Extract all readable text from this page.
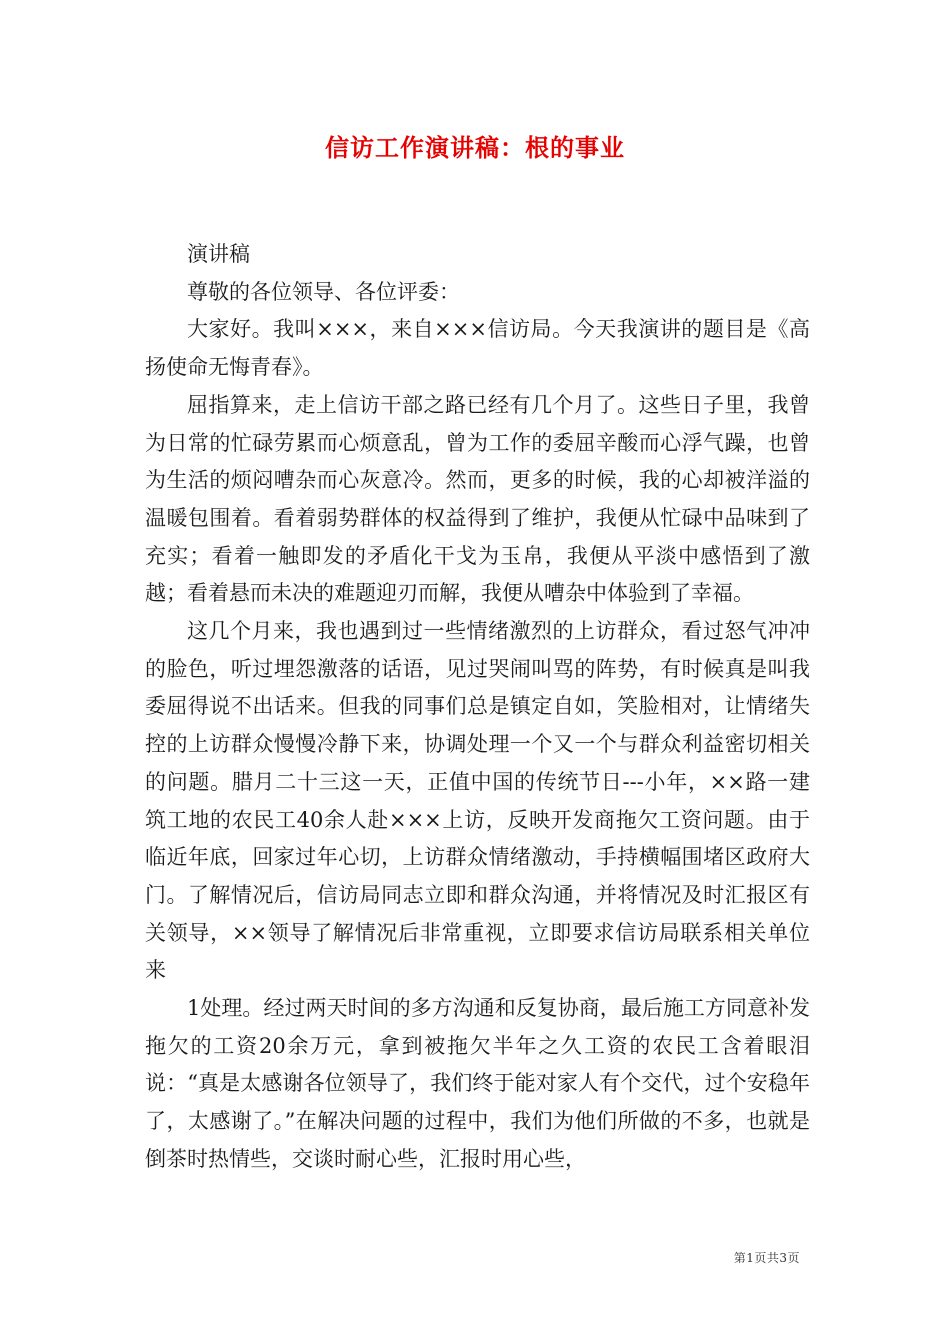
信访工作演讲稿：根的事业

演讲稿

尊敬的各位领导、各位评委：

大家好。我叫×××，来自×××信访局。今天我演讲的题目是《高扬使命无悔青春》。

屈指算来，走上信访干部之路已经有几个月了。这些日子里，我曾为日常的忙碌劳累而心烦意乱，曾为工作的委屈辛酸而心浮气躁，也曾为生活的烦闷嘈杂而心灰意冷。然而，更多的时候，我的心却被洋溢的温暖包围着。看着弱势群体的权益得到了维护，我便从忙碌中品味到了充实；看着一触即发的矛盾化干戈为玉帛，我便从平淡中感悟到了激越；看着悬而未决的难题迎刃而解，我便从嘈杂中体验到了幸福。

这几个月来，我也遇到过一些情绪激烈的上访群众，看过怒气冲冲的脸色，听过埋怨激落的话语，见过哭闹叫骂的阵势，有时候真是叫我委屈得说不出话来。但我的同事们总是镇定自如，笑脸相对，让情绪失控的上访群众慢慢冷静下来，协调处理一个又一个与群众利益密切相关的问题。腊月二十三这一天，正值中国的传统节日---小年，××路一建筑工地的农民工40余人赴×××上访，反映开发商拖欠工资问题。由于临近年底，回家过年心切，上访群众情绪激动，手持横幅围堵区政府大门。了解情况后，信访局同志立即和群众沟通，并将情况及时汇报区有关领导，××领导了解情况后非常重视，立即要求信访局联系相关单位来

1处理。经过两天时间的多方沟通和反复协商，最后施工方同意补发拖欠的工资20余万元，拿到被拖欠半年之久工资的农民工含着眼泪说：“真是太感谢各位领导了，我们终于能对家人有个交代，过个安稳年了，太感谢了。”在解决问题的过程中，我们为他们所做的不多，也就是倒茶时热情些，交谈时耐心些，汇报时用心些，

第1页共3页
